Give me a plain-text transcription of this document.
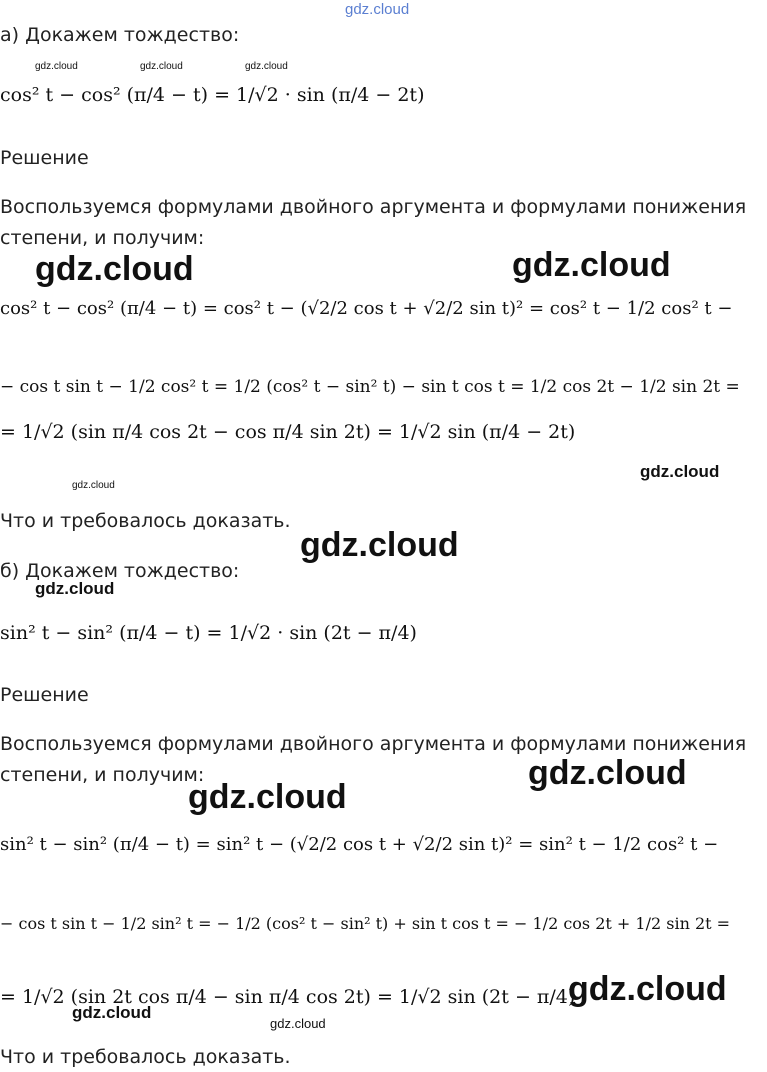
gdz.cloud
а) Докажем тождество:
gdz.cloud	gdz.cloud	gdz.cloud
cos² t − cos² (π/4 − t) = 1/√2 · sin (π/4 − 2t)
Решение
Воспользуемся формулами двойного аргумента и формулами понижения степени, и получим:
gdz.cloud	gdz.cloud
cos² t − cos² (π/4 − t) = cos² t − (√2/2 cos t + √2/2 sin t)² = cos² t − 1/2 cos² t −
− cos t sin t − 1/2 cos² t = 1/2 (cos² t − sin² t) − sin t cos t = 1/2 cos 2t − 1/2 sin 2t =
= 1/√2 (sin π/4 cos 2t − cos π/4 sin 2t) = 1/√2 sin (π/4 − 2t)
gdz.cloud
gdz.cloud
Что и требовалось доказать.
gdz.cloud
б) Докажем тождество:
gdz.cloud
sin² t − sin² (π/4 − t) = 1/√2 · sin (2t − π/4)
Решение
Воспользуемся формулами двойного аргумента и формулами понижения степени, и получим:	gdz.cloud
gdz.cloud
sin² t − sin² (π/4 − t) = sin² t − (√2/2 cos t + √2/2 sin t)² = sin² t − 1/2 cos² t −
− cos t sin t − 1/2 sin² t = − 1/2 (cos² t − sin² t) + sin t cos t = − 1/2 cos 2t + 1/2 sin 2t =
= 1/√2 (sin 2t cos π/4 − sin π/4 cos 2t) = 1/√2 sin (2t − π/4)
gdz.cloud
gdz.cloud
gdz.cloud
Что и требовалось доказать.
